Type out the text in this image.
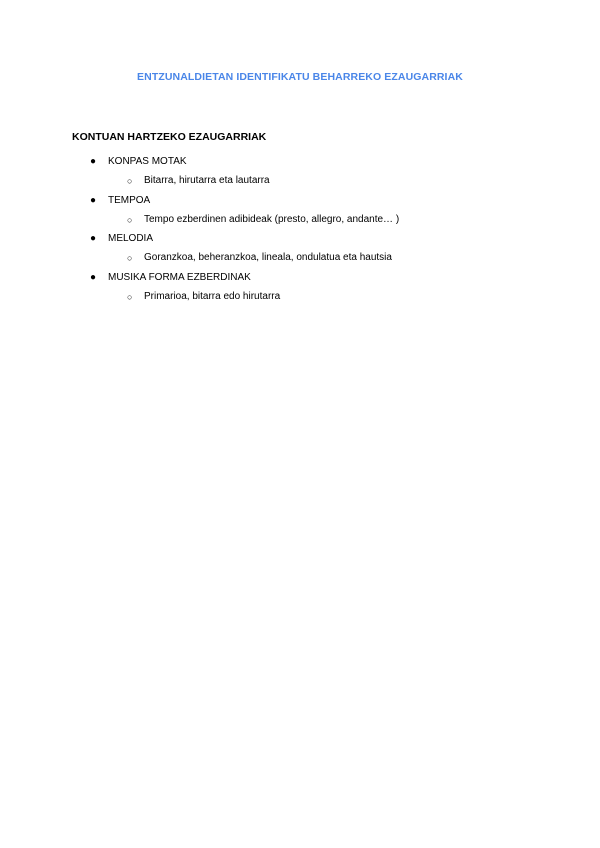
ENTZUNALDIETAN IDENTIFIKATU BEHARREKO EZAUGARRIAK
KONTUAN HARTZEKO EZAUGARRIAK
● KONPAS MOTAK
○ Bitarra, hirutarra eta lautarra
● TEMPOA
○ Tempo ezberdinen adibideak (presto, allegro, andante… )
● MELODIA
○ Goranzkoa, beheranzkoa, lineala, ondulatua eta hautsia
● MUSIKA FORMA EZBERDINAK
○ Primarioa, bitarra edo hirutarra
